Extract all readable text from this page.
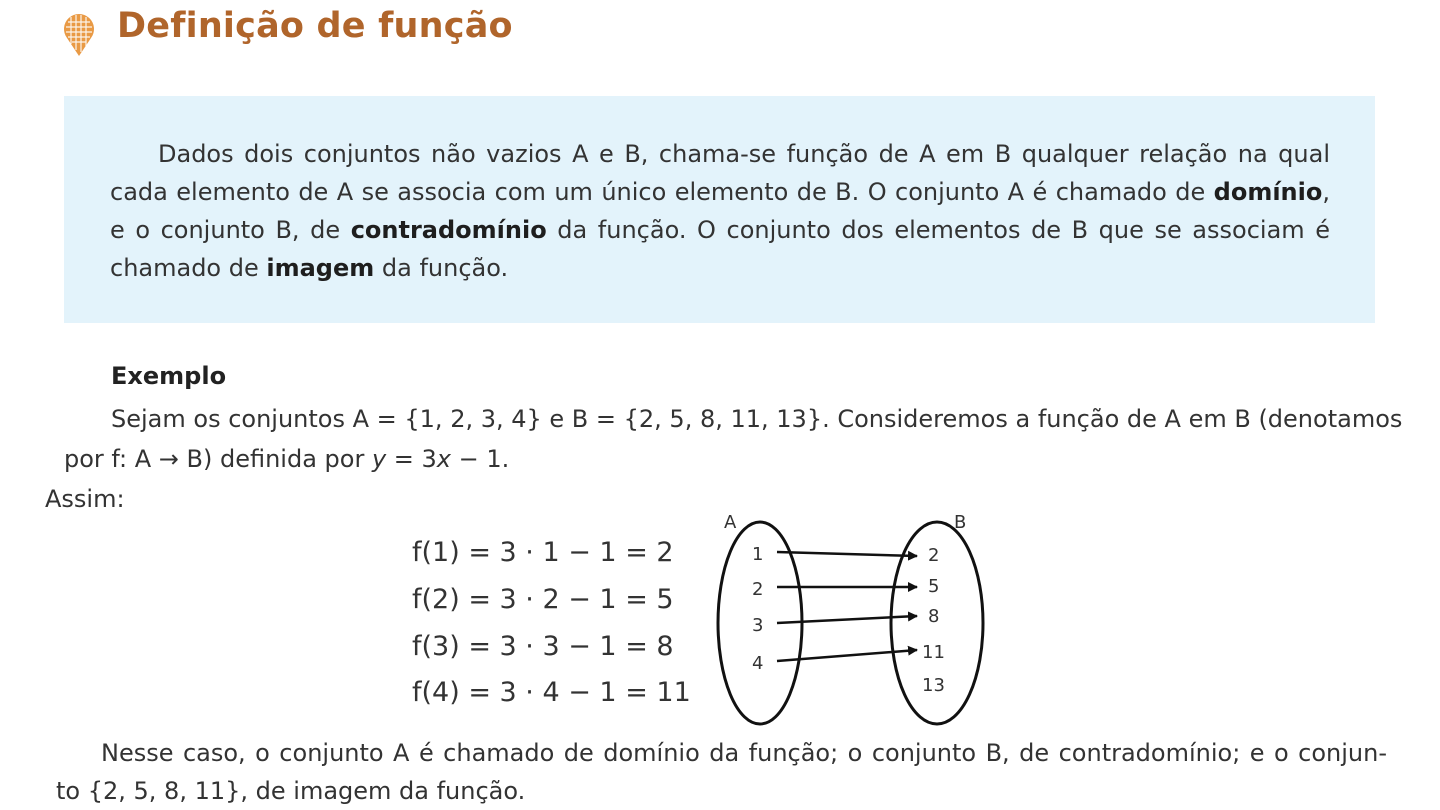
Definição de função
Dados dois conjuntos não vazios A e B, chama-se função de A em B qualquer relação na qual
cada elemento de A se associa com um único elemento de B. O conjunto A é chamado de domínio,
e o conjunto B, de contradomínio da função. O conjunto dos elementos de B que se associam é
chamado de imagem da função.
Exemplo
Sejam os conjuntos A = {1, 2, 3, 4} e B = {2, 5, 8, 11, 13}. Consideremos a função de A em B (denotamos
por f: A → B) definida por y = 3x − 1.
Assim:
f(1) = 3 · 1 − 1 = 2
f(2) = 3 · 2 − 1 = 5
f(3) = 3 · 3 − 1 = 8
f(4) = 3 · 4 − 1 = 11
A	B
1
2
3
4
2
5
8
11
13
Nesse caso, o conjunto A é chamado de domínio da função; o conjunto B, de contradomínio; e o conjun-
to {2, 5, 8, 11}, de imagem da função.
